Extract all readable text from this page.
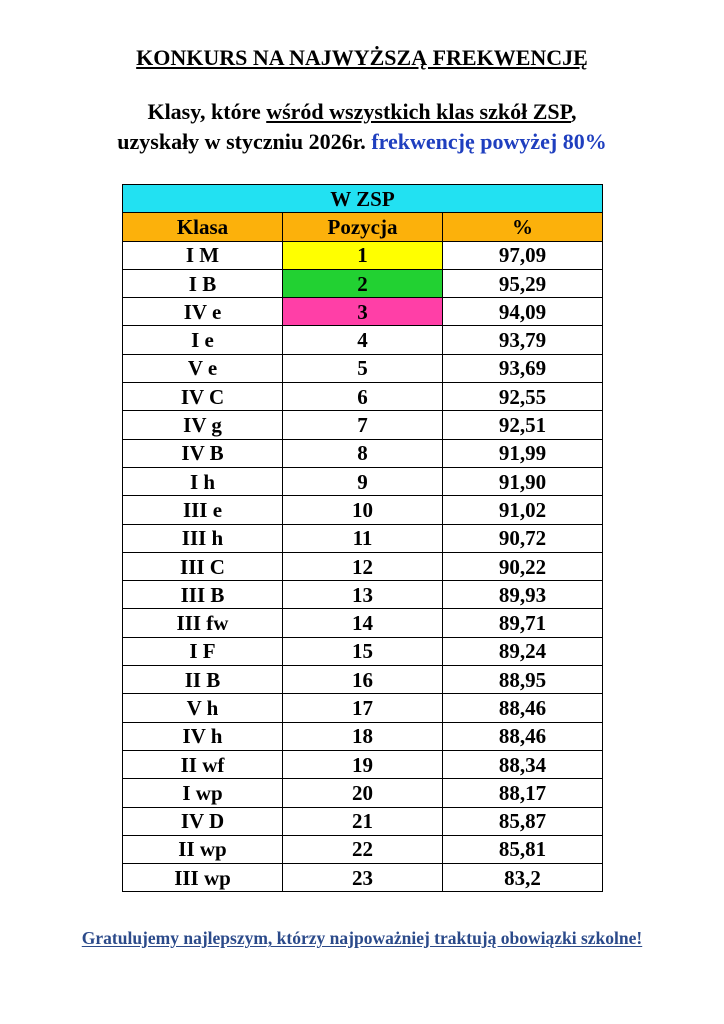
KONKURS NA NAJWYŻSZĄ FREKWENCJĘ

Klasy, które wśród wszystkich klas szkół ZSP,
uzyskały w styczniu 2026r. frekwencję powyżej 80%

W ZSP		
Klasa	Pozycja	%
I M	1	97,09
I B	2	95,29
IV e	3	94,09
I e	4	93,79
V e	5	93,69
IV C	6	92,55
IV g	7	92,51
IV B	8	91,99
I h	9	91,90
III e	10	91,02
III h	11	90,72
III C	12	90,22
III B	13	89,93
III fw	14	89,71
I F	15	89,24
II B	16	88,95
V h	17	88,46
IV h	18	88,46
II wf	19	88,34
I wp	20	88,17
IV D	21	85,87
II wp	22	85,81
III wp	23	83,2

Gratulujemy najlepszym, którzy najpoważniej traktują obowiązki szkolne!
